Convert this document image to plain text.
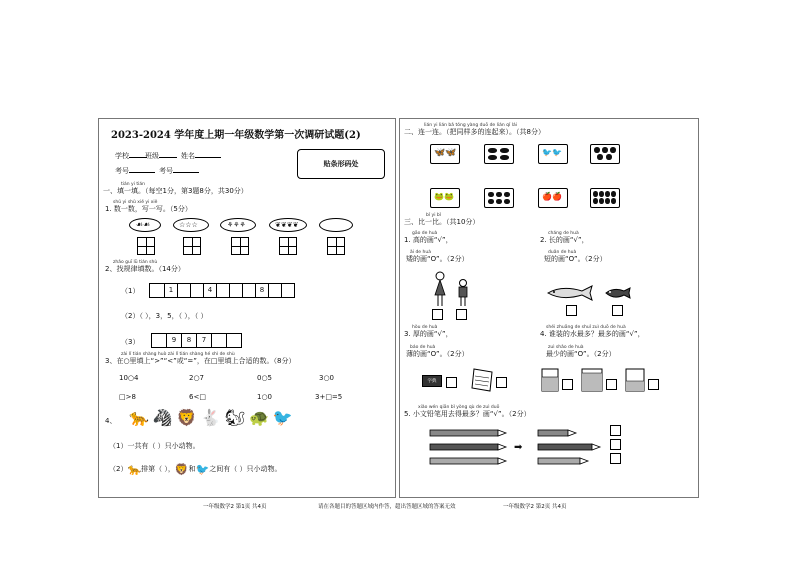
2023-2024 学年度上期一年级数学第一次调研试题(2)
学校	班级	姓名
考号	考号
贴条形码处
tián yi tián
一、填一填。（每空1分，第3题8分，共30分）
shǔ yi shǔ xiě yi xiě
1. 数一数，写一写。（5分）
☙☙	☆☆☆	⚘⚘⚘	❦❦❦❦
zhǎo guī lǜ tián shù
2、找规律填数。（14分）
（1）	1	4	8
（2）（ ），3，5，（ ），（ ）
（3）	9	8	7
zài lǐ tián shàng huò zài lǐ tián shàng hé shì de shù
3、在○里填上“>”“<”或“=”，在□里填上合适的数。（8分）
10○4	2○7	0○5	3○0
□>8	6<□	1○0	3+□=5
4、 🐆🦓🦁🐇🐿🐢🐦
（1）一共有（ ）只小动物。
（2） 🐆 排第（ ）， 🦁 和 🐦 之间有（ ）只小动物。
lián yi lián bǎ tóng yàng duō de lián qǐ lái
二、连一连。（把同样多的连起来）。（共8分）
🦋🦋	🐦🐦
🐸🐸	🍎🍎
bǐ yi bǐ
三、比一比。（共10分）
gāo de huà
1. 高的画“√”，
ǎi de huà
矮的画“O”。（2分）
cháng de huà
2. 长的画“√”，
duǎn de huà
短的画“O”。（2分）
hòu de huà
3. 厚的画“√”，
báo de huà
薄的画“O”。（2分）
shéi zhuāng de shuǐ zuì duō de huà
4. 谁装的水最多？最多的画“√”，
zuì shǎo de huà
最少的画“O”。（2分）
字典
xiǎo wén qiān bǐ yòng qù de zuì duō
5. 小文铅笔用去得最多？画“√”。（2分）
➡
一年级数学2 第1页 共4页	请在各题目的答题区域内作答，超出答题区域的答案无效	一年级数学2 第2页 共4页
